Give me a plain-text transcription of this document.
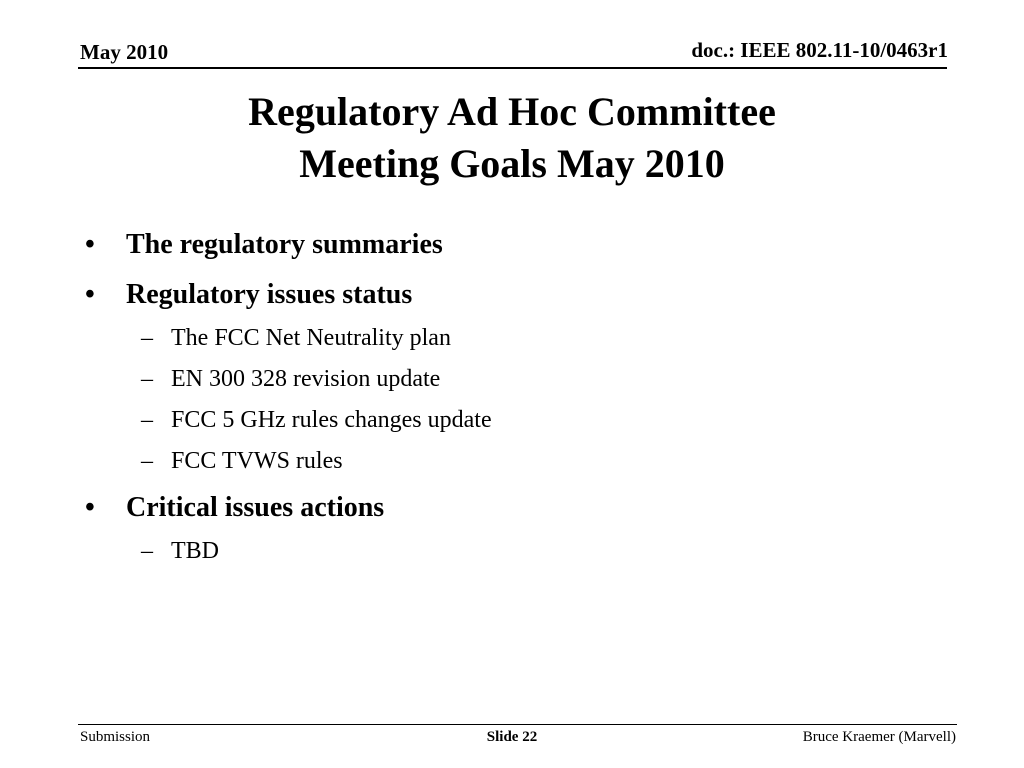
May 2010	doc.: IEEE 802.11-10/0463r1
Regulatory Ad Hoc Committee
Meeting Goals May 2010
• The regulatory summaries
• Regulatory issues status
– The FCC Net Neutrality plan
– EN 300 328 revision update
– FCC 5 GHz rules changes update
– FCC TVWS rules
• Critical issues actions
– TBD
Submission	Slide 22	Bruce Kraemer (Marvell)
